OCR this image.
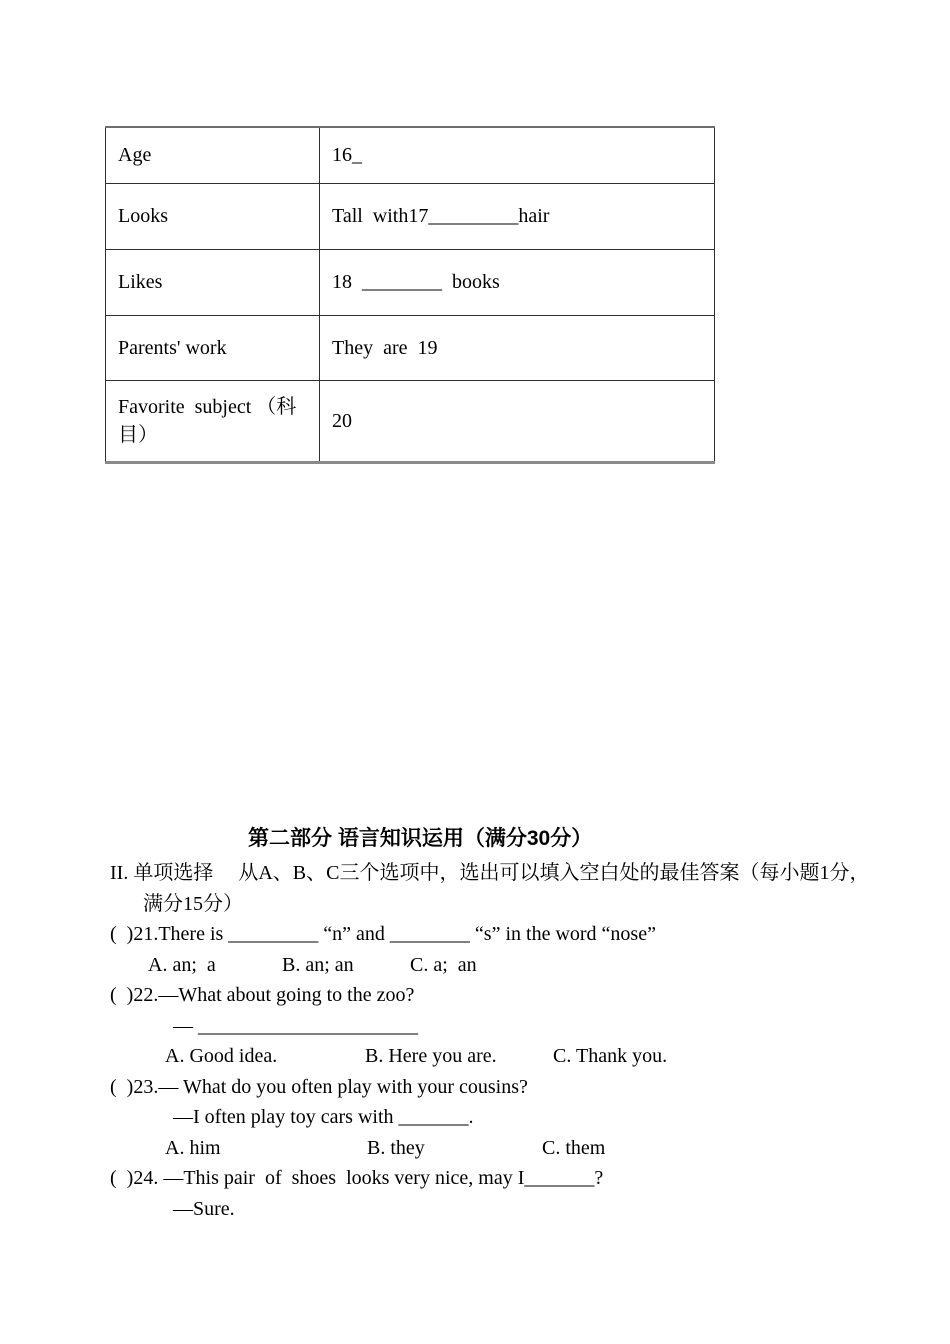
Age	16_
Looks	Tall  with17_________hair
Likes	18  ________  books
Parents' work	They  are  19
Favorite  subject （科目）	20
第二部分 语言知识运用（满分30分）
II. 单项选择　 从A、B、C三个选项中，选出可以填入空白处的最佳答案（每小题1分，
满分15分）
(  )21.There is _________ “n” and ________ “s” in the word “nose”
A. an;  a	B. an; an	C. a;  an
(  )22.—What about going to the zoo?
— ______________________
A. Good idea.	B. Here you are.	C. Thank you.
(  )23.— What do you often play with your cousins?
—I often play toy cars with _______.
A. him	B. they	C. them
(  )24. —This pair  of  shoes  looks very nice, may I_______?
—Sure.
